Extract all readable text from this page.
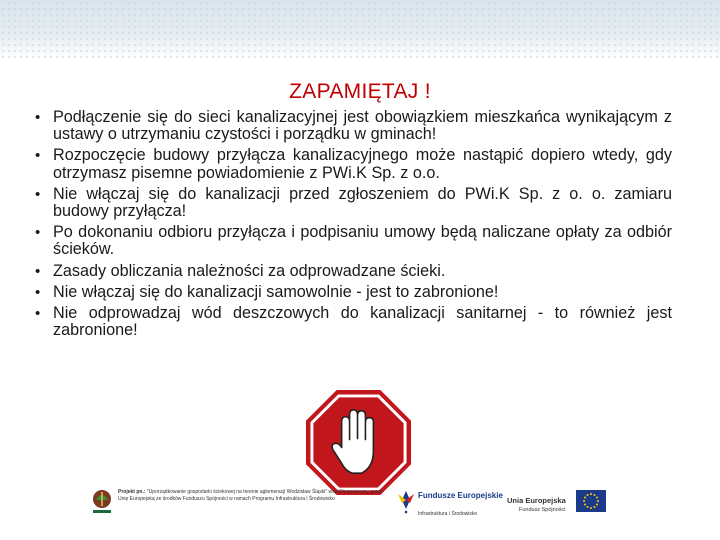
ZAPAMIĘTAJ !
• Podłączenie się do sieci kanalizacyjnej jest obowiązkiem mieszkańca wynikającym z ustawy o utrzymaniu czystości i porządku w gminach!
• Rozpoczęcie budowy przyłącza kanalizacyjnego może nastąpić dopiero wtedy, gdy otrzymasz pisemne powiadomienie z PWi.K Sp. z o.o.
• Nie włączaj się do kanalizacji przed zgłoszeniem do PWi.K Sp. z o. o. zamiaru budowy przyłącza!
• Po dokonaniu odbioru przyłącza i podpisaniu umowy będą naliczane opłaty za odbiór ścieków.
• Zasady obliczania należności za odprowadzane ścieki.
• Nie włączaj się do kanalizacji samowolnie - jest to zabronione!
• Nie odprowadzaj wód deszczowych do kanalizacji sanitarnej - to również jest zabronione!

Projekt pn.: "Uporządkowanie gospodarki ściekowej na terenie aglomeracji Wodzisław Śląski" współfinansowany przez Unię Europejską ze środków Funduszu Spójności w ramach Programu Infrastruktura i Środowisko	Fundusze Europejskie
Infrastruktura i Środowisko
Unia Europejska
Fundusz Spójności
